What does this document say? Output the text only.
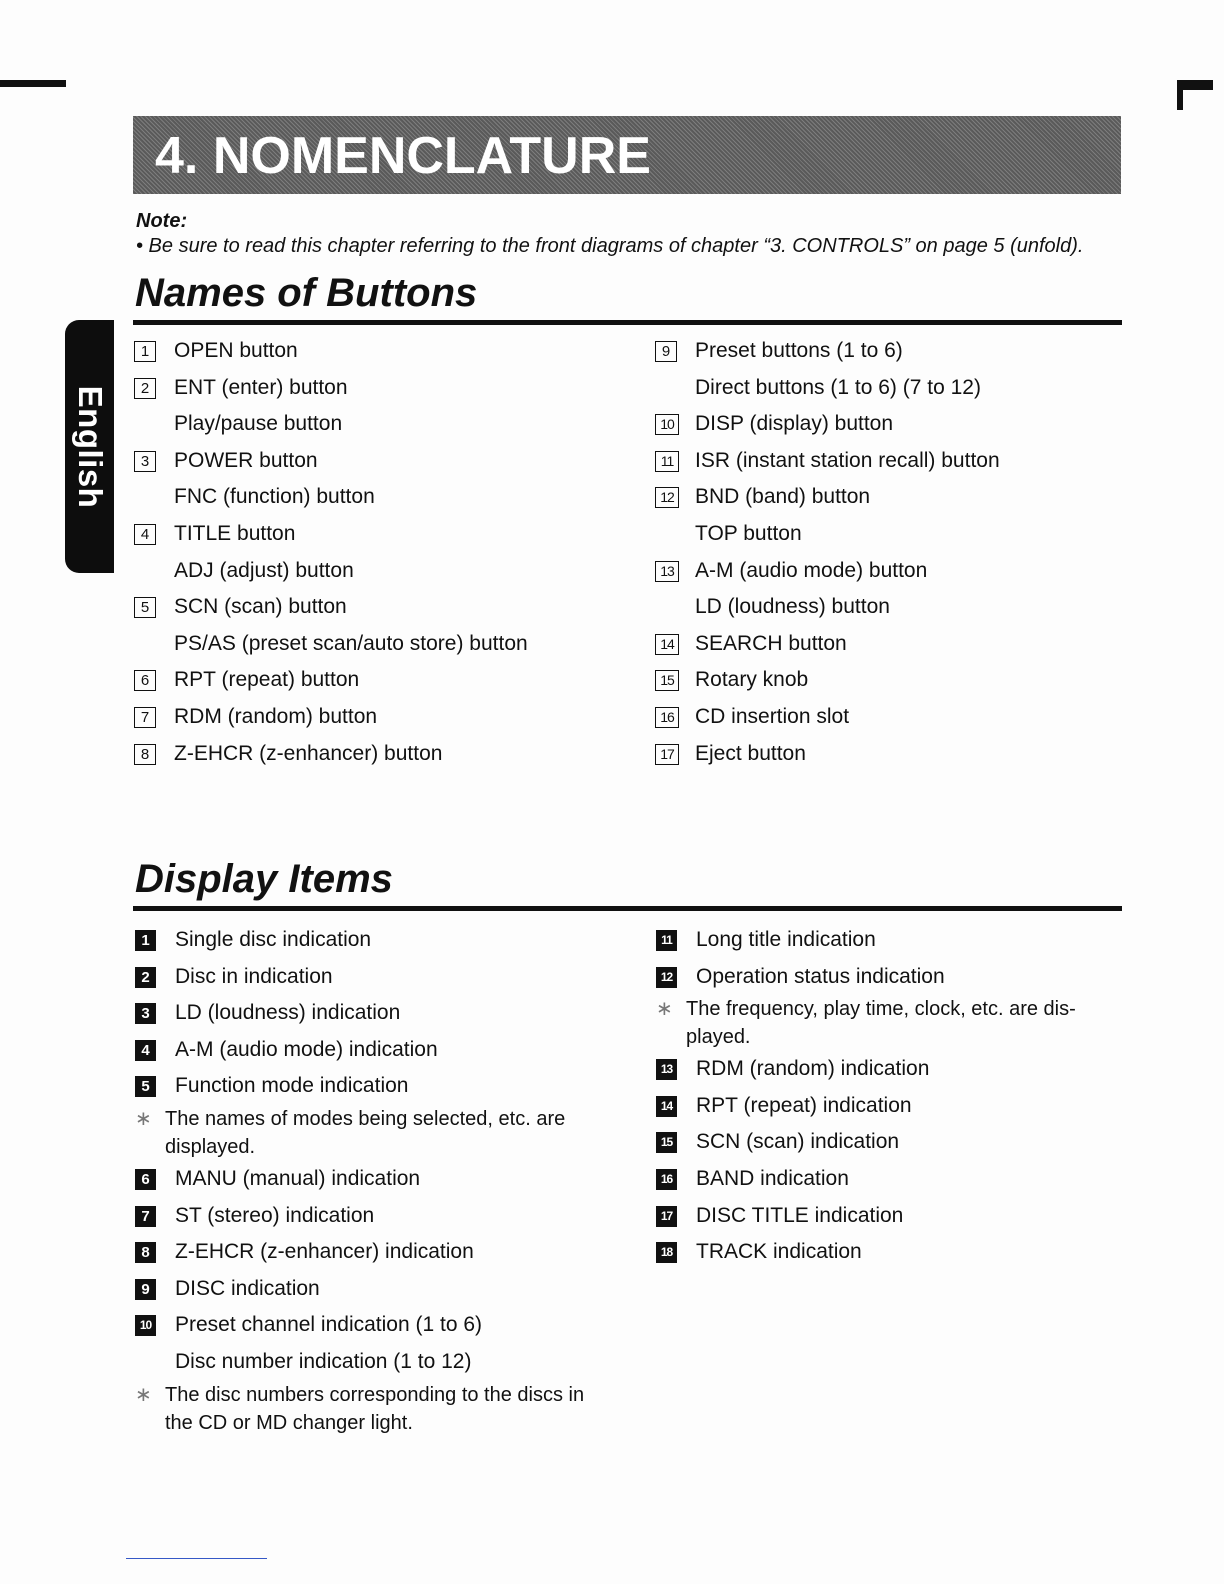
4. NOMENCLATURE
English
Note:
• Be sure to read this chapter referring to the front diagrams of chapter “3. CONTROLS” on page 5 (unfold).
Names of Buttons
1	OPEN button
2	ENT (enter) button
Play/pause button
3	POWER button
FNC (function) button
4	TITLE button
ADJ (adjust) button
5	SCN (scan) button
PS/AS (preset scan/auto store) button
6	RPT (repeat) button
7	RDM (random) button
8	Z-EHCR (z-enhancer) button
9	Preset buttons (1 to 6)
Direct buttons (1 to 6) (7 to 12)
10 DISP (display) button
11 ISR (instant station recall) button
12 BND (band) button
TOP button
13 A-M (audio mode) button
LD (loudness) button
14 SEARCH button
15 Rotary knob
16 CD insertion slot
17 Eject button
Display Items
1	Single disc indication
2	Disc in indication
3	LD (loudness) indication
4	A-M (audio mode) indication
5	Function mode indication
∗ The names of modes being selected, etc. are displayed.
6	MANU (manual) indication
7	ST (stereo) indication
8	Z-EHCR (z-enhancer) indication
9	DISC indication
10 Preset channel indication (1 to 6)
Disc number indication (1 to 12)
∗ The disc numbers corresponding to the discs in the CD or MD changer light.
11 Long title indication
12 Operation status indication
∗ The frequency, play time, clock, etc. are dis-played.
13 RDM (random) indication
14 RPT (repeat) indication
15 SCN (scan) indication
16 BAND indication
17 DISC TITLE indication
18 TRACK indication
